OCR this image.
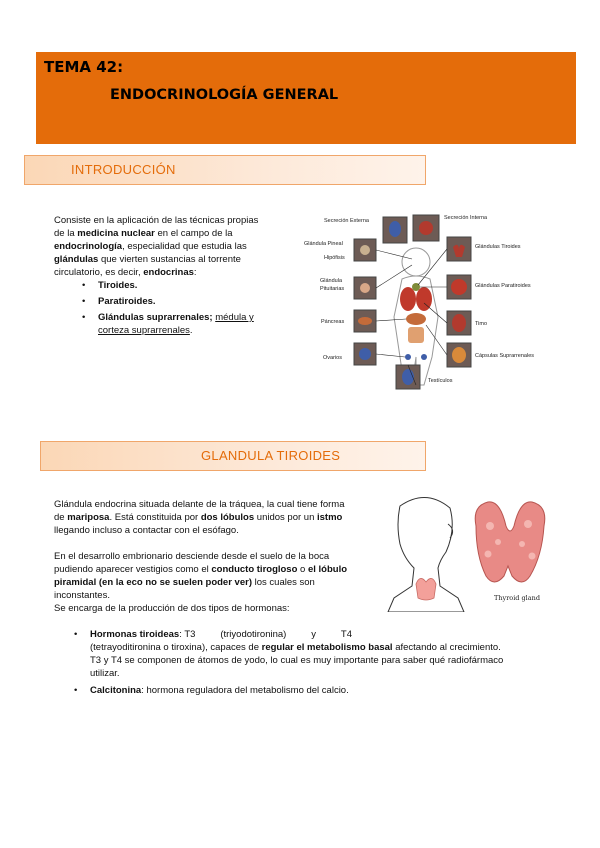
TEMA 42:
ENDOCRINOLOGÍA GENERAL
INTRODUCCIÓN
Consiste en la aplicación de las técnicas propias
de la medicina nuclear en el campo de la
endocrinología, especialidad que estudia las
glándulas que vierten sustancias al torrente
circulatorio, es decir, endocrinas:
• Tiroides.
• Paratiroides.
• Glándulas suprarrenales; médula y
corteza suprarrenales.
Secreción Externa	Secreción Interna
Glándula Pineal
Hipófisis
Glándula
Pituitarias
Páncreas
Ovarios
Glándulas Tiroides
Glándulas Paratiroides
Timo
Cápsulas Suprarrenales
Testículos
GLANDULA TIROIDES
Glándula endocrina situada delante de la tráquea, la cual tiene forma
de mariposa. Está constituida por dos lóbulos unidos por un istmo
llegando incluso a contactar con el esófago.
En el desarrollo embrionario desciende desde el suelo de la boca
pudiendo aparecer vestigios como el conducto tirogloso o el lóbulo
piramidal (en la eco no se suelen poder ver) los cuales son
inconstantes.
Se encarga de la producción de dos tipos de hormonas:
• Hormonas tiroideas: T3	(triyodotironina)	y	T4
(tetrayoditironina o tiroxina), capaces de regular el metabolismo basal afectando al crecimiento.
T3 y T4 se componen de átomos de yodo, lo cual es muy importante para saber qué radiofármaco
utilizar.
• Calcitonina: hormona reguladora del metabolismo del calcio.
Thyroid gland
